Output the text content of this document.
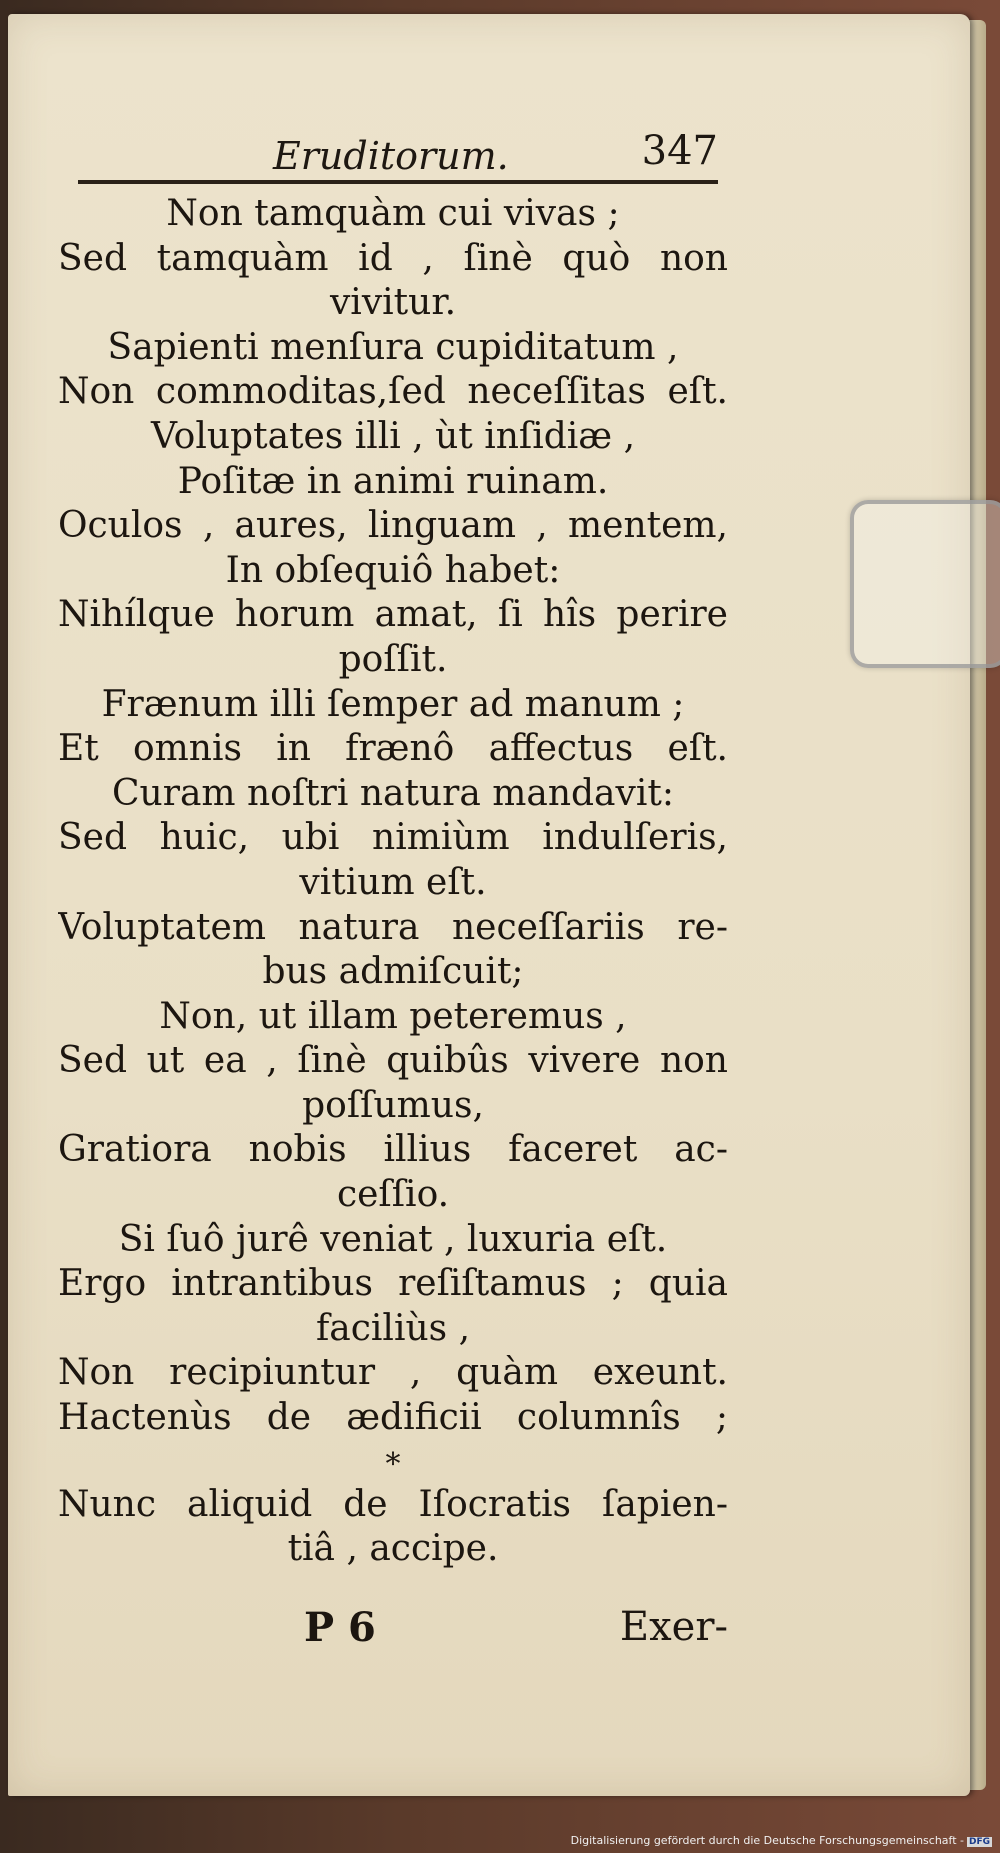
Eruditorum.	347
Non tamquàm cui vivas ;
Sed tamquàm id , ſinè quò non
vivitur.
Sapienti menſura cupiditatum ,
Non commoditas,ſed neceſſitas eſt.
Voluptates illi , ùt inſidiæ ,
Poſitæ in animi ruinam.
Oculos , aures, linguam , mentem,
In obſequiô habet:
Nihílque horum amat, ſi hîs perire
poſſit.
Frænum illi ſemper ad manum ;
Et omnis in frænô affectus eſt.
Curam noſtri natura mandavit:
Sed huic, ubi nimiùm indulſeris,
vitium eſt.
Voluptatem natura neceſſariis re-
bus admiſcuit;
Non, ut illam peteremus ,
Sed ut ea , ſinè quibûs vivere non
poſſumus,
Gratiora nobis illius faceret ac-
ceſſio.
Si ſuô jurê veniat , luxuria eſt.
Ergo intrantibus reſiſtamus ; quia
faciliùs ,
Non recipiuntur , quàm exeunt.
Hactenùs de ædificii columnîs ;
*
Nunc aliquid de Iſocratis ſapien-
tiâ , accipe.
P 6	Exer-
Digitalisierung gefördert durch die Deutsche Forschungsgemeinschaft - DFG
